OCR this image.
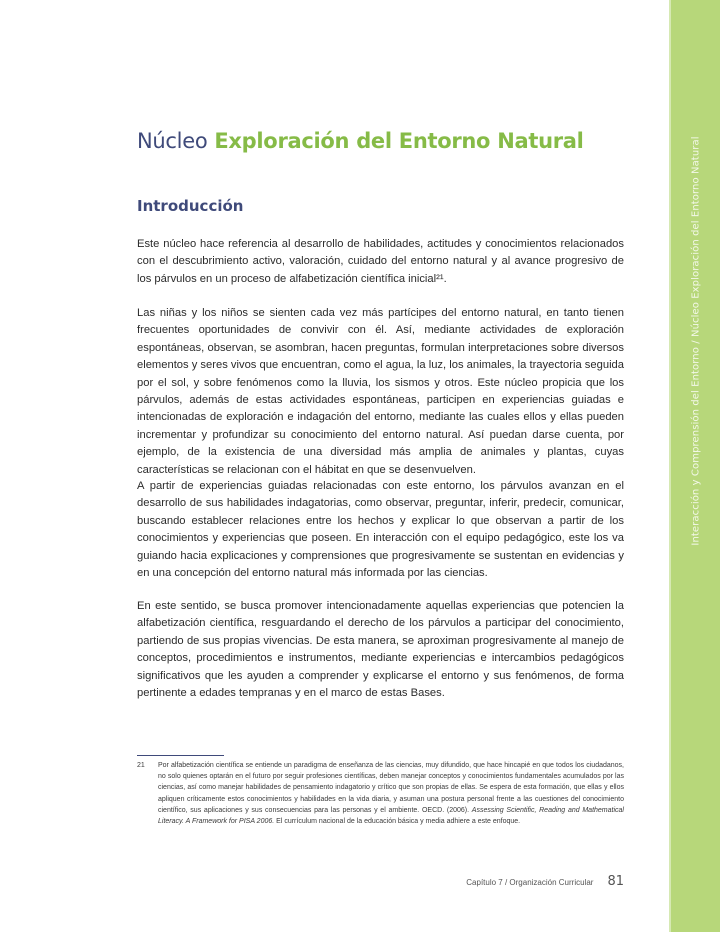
Interacción y Comprensión del Entorno / Núcleo Exploración del Entorno Natural
Núcleo Exploración del Entorno Natural
Introducción

Este núcleo hace referencia al desarrollo de habilidades, actitudes y conocimientos relacionados con el descubrimiento activo, valoración, cuidado del entorno natural y al avance progresivo de los párvulos en un proceso de alfabetización científica inicial²¹.

Las niñas y los niños se sienten cada vez más partícipes del entorno natural, en tanto tienen frecuentes oportunidades de convivir con él. Así, mediante actividades de exploración espontáneas, observan, se asombran, hacen preguntas, formulan interpretaciones sobre diversos elementos y seres vivos que encuentran, como el agua, la luz, los animales, la trayectoria seguida por el sol, y sobre fenómenos como la lluvia, los sismos y otros. Este núcleo propicia que los párvulos, además de estas actividades espontáneas, participen en experiencias guiadas e intencionadas de exploración e indagación del entorno, mediante las cuales ellos y ellas pueden incrementar y profundizar su conocimiento del entorno natural. Así puedan darse cuenta, por ejemplo, de la existencia de una diversidad más amplia de animales y plantas, cuyas características se relacionan con el hábitat en que se desenvuelven.

A partir de experiencias guiadas relacionadas con este entorno, los párvulos avanzan en el desarrollo de sus habilidades indagatorias, como observar, preguntar, inferir, predecir, comunicar, buscando establecer relaciones entre los hechos y explicar lo que observan a partir de los conocimientos y experiencias que poseen. En interacción con el equipo pedagógico, este los va guiando hacia explicaciones y comprensiones que progresivamente se sustentan en evidencias y en una concepción del entorno natural más informada por las ciencias.

En este sentido, se busca promover intencionadamente aquellas experiencias que potencien la alfabetización científica, resguardando el derecho de los párvulos a participar del conocimiento, partiendo de sus propias vivencias. De esta manera, se aproximan progresivamente al manejo de conceptos, procedimientos e instrumentos, mediante experiencias e intercambios pedagógicos significativos que les ayuden a comprender y explicarse el entorno y sus fenómenos, de forma pertinente a edades tempranas y en el marco de estas Bases.

21	Por alfabetización científica se entiende un paradigma de enseñanza de las ciencias, muy difundido, que hace hincapié en que todos los ciudadanos, no solo quienes optarán en el futuro por seguir profesiones científicas, deben manejar conceptos y conocimientos fundamentales acumulados por las ciencias, así como manejar habilidades de pensamiento indagatorio y crítico que son propias de ellas. Se espera de esta formación, que ellas y ellos apliquen críticamente estos conocimientos y habilidades en la vida diaria, y asuman una postura personal frente a las cuestiones del conocimiento científico, sus aplicaciones y sus consecuencias para las personas y el ambiente. OECD. (2006). Assessing Scientific, Reading and Mathematical Literacy. A Framework for PISA 2006. El currículum nacional de la educación básica y media adhiere a este enfoque.
Capítulo 7 / Organización Curricular 81
